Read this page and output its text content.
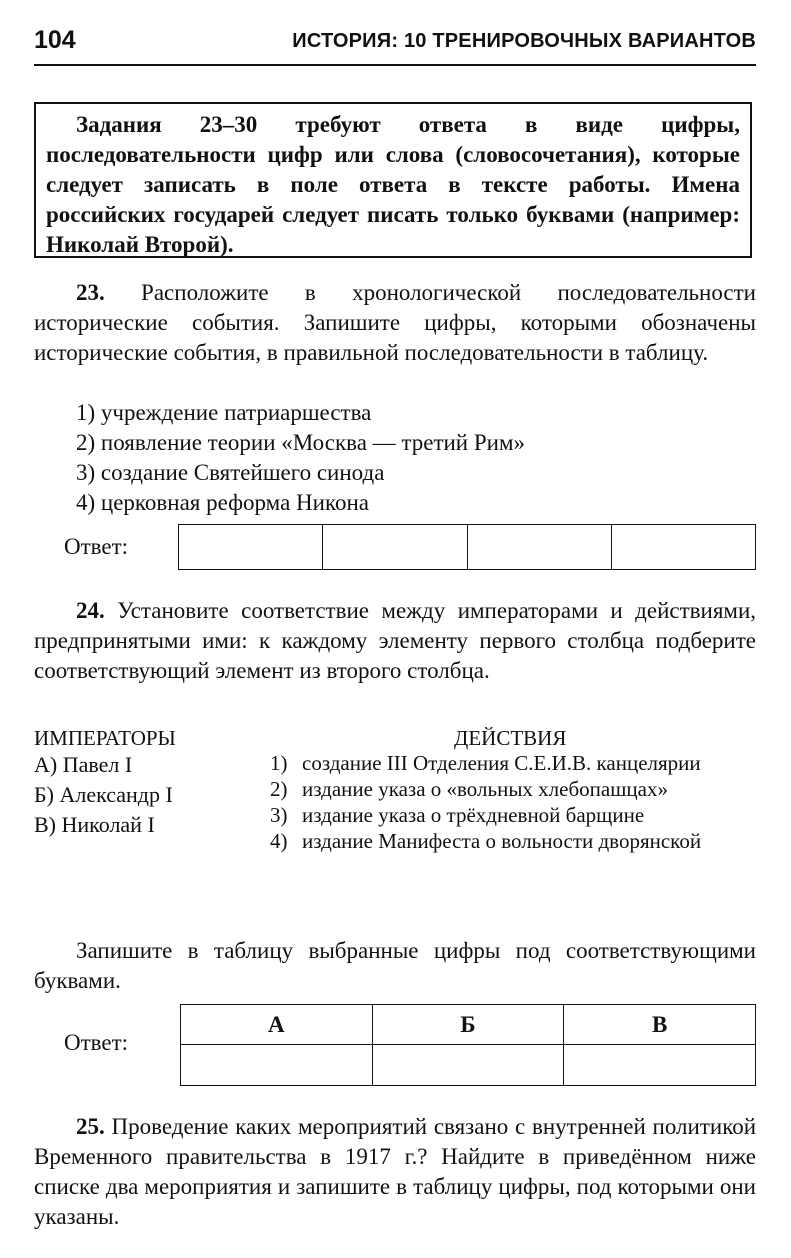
104	ИСТОРИЯ: 10 ТРЕНИРОВОЧНЫХ ВАРИАНТОВ

Задания 23–30 требуют ответа в виде цифры, последовательности цифр или слова (словосочетания), которые следует записать в поле ответа в тексте работы. Имена российских государей следует писать только буквами (например: Николай Второй).

23. Расположите в хронологической последовательности исторические события. Запишите цифры, которыми обозначены исторические события, в правильной последовательности в таблицу.

1) учреждение патриаршества
2) появление теории «Москва — третий Рим»
3) создание Святейшего синода
4) церковная реформа Никона
Ответ:

24. Установите соответствие между императорами и действиями, предпринятыми ими: к каждому элементу первого столбца подберите соответствующий элемент из второго столбца.

ИМПЕРАТОРЫ	ДЕЙСТВИЯ
А) Павел I
Б) Александр I
В) Николай I
1) создание III Отделения С.Е.И.В. канцелярии
2) издание указа о «вольных хлебопашцах»
3) издание указа о трёхдневной барщине
4) издание Манифеста о вольности дворянской

Запишите в таблицу выбранные цифры под соответствующими буквами.

Ответ:
А	Б	В

25. Проведение каких мероприятий связано с внутренней политикой Временного правительства в 1917 г.? Найдите в приведённом ниже списке два мероприятия и запишите в таблицу цифры, под которыми они указаны.
